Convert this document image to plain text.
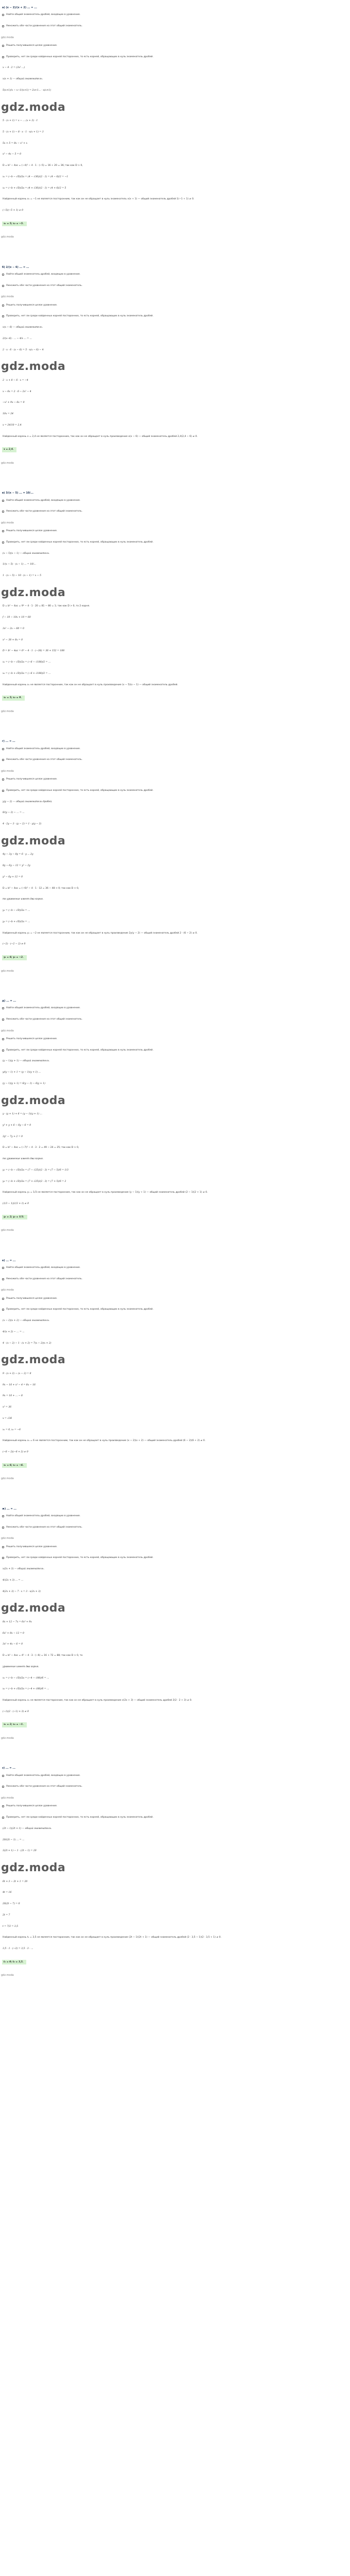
а) (x − 2)/(x + 2) ... = ...
Найти общий знаменатель дробей, входящих в уравнение.
Умножить обе части уравнения на этот общий знаменатель.
gdz.moda
Решить получившееся целое уравнение.
Проверить, нет ли среди найденных корней посторонних, то есть корней, обращающих в нуль знаменатель дробей.
x − 4 · 2 = (3x² ...)
x(x + 1) — общий знаменатель.
5(x+1)/x − x−1/(x+1) = 2x+1... · x(x+1)
gdz.moda
5 · (x + 1) = x − ... (x + 3) · 1
5 · (x + 1) − 8 · x · 1 · x(x + 1) = 3
5x + 5 = 8x − x² + x
x² − 4x − 5 = 0
D = b² − 4ac = (−4)² − 4 · 1 · (−5) = 16 + 20 = 36; так как D > 0,
x₁ = (−b − √D)/2a = (4 − √36)/(2 · 1) = (4 − 6)/2 = −1
x₂ = (−b + √D)/2a = (4 + √36)/(2 · 1) = (4 + 6)/2 = 5
Найденный корень x₁ = −1 не является посторонним, так как он не обращает в нуль знаменатель x(x + 1) — общий знаменатель дробей 1(−1 + 1) ≠ 0.
(−5)(−5 + 1) ≠ 0
x₁ = 5; x₂ = −5.
gdz.moda
б) 2/(x − 6) ... = ...
Найти общий знаменатель дробей, входящих в уравнение.
Умножить обе части уравнения на этот общий знаменатель.
gdz.moda
Решить получившееся целое уравнение.
Проверить, нет ли среди найденных корней посторонних, то есть корней, обращающих в нуль знаменатель дробей.
x(x − 6) — общий знаменатель.
2/(x−6) · ... − 4/x ... = ...
2 · x · 6 · (x − 6) = 5 · x(x − 6) − 4
gdz.moda
2 · x + 8 − 6 · x = −4
x − 6x = 2 · 6 − 2x² − 4
−x² + 9x − 6x = 0
10x = 24
x = 24/10 = 2,4
Найденный корень x = 2,4 не является посторонним, так как он не обращает в нуль произведение x(x − 6) — общий знаменатель дробей 2,4(2,4 − 6) ≠ 0.
x = 2,4.
gdz.moda
в) 3/(x − 5) ... = 10/...
Найти общий знаменатель дробей, входящих в уравнение.
Умножить обе части уравнения на этот общий знаменатель.
gdz.moda
Решить получившееся целое уравнение.
Проверить, нет ли среди найденных корней посторонних, то есть корней, обращающих в нуль знаменатель дробей.
(x − 5)(x − 1) — общий знаменатель.
1/(x − 5) · (x − 1) ... = 10/...
1 · (x − 5) − 10 · (x − 1) = x − 5
gdz.moda
D = b² − 4ac = 9² − 4 · 1 · 20 = 81 − 80 = 1; так как D > 0, то 2 корня.
f − 10 − 10x + 10 = 60
3x² − 2x − 60 = 0
x² − 38 + 6x = 0
D = b² − 4ac = 6² − 4 · 1 · (−38) = 36 + 152 = 188
x₁ = (−b − √D)/2a = (−6 − √188)/2 = ...
x₂ = (−b + √D)/2a = (−6 + √188)/2 = ...
Найденный корень x₁ не является посторонним, так как он не обращает в нуль произведение (x − 5)(x − 1) — общий знаменатель дробей.
x₁ = 5; x₂ = 9.
gdz.moda
г) ... = ...
Найти общий знаменатель дробей, входящих в уравнение.
Умножить обе части уравнения на этот общий знаменатель.
gdz.moda
Решить получившееся целое уравнение.
Проверить, нет ли среди найденных корней посторонних, то есть корней, обращающих в нуль знаменатель дробей.
y(y − 2) — общий знаменатель дробей.
8/(y − 2) − ... = ...
4 · 2y − 3 · (y − 2) = 1 · y(y − 2)
gdz.moda
4y − 3y − 8y = 6 · y ... 2y
8y − 6y − 12 = y² − 2y
y² − 6y + 12 = 0
D = b² − 4ac = (−6)² − 4 · 1 · 12 = 36 − 48 < 0; так как D < 0,
то уравнение имеет два корня.
y₁ = (−b − √D)/2a = ...
y₂ = (−b + √D)/2a = ...
Найденный корень y₁ = −2 не является посторонним, так как он не обращает в нуль произведение 2y(y − 2) — общий знаменатель дробей 2 · (6 − 2) ≠ 0.
(−2) · (−2 − 2) ≠ 0
y₁ = 6; y₂ = −2.
gdz.moda
д) ... = ...
Найти общий знаменатель дробей, входящих в уравнение.
Умножить обе части уравнения на этот общий знаменатель.
gdz.moda
Решить получившееся целое уравнение.
Проверить, нет ли среди найденных корней посторонних, то есть корней, обращающих в нуль знаменатель дробей.
(y − 1)(y + 1) — общий знаменатель.
y/(y − 1) + 1 = (y − 1)(y + 1) ...
(y − 1)(y + 1) = 6(y − 1) − 6(y + 1)
gdz.moda
y · (y + 1) + 6 = (y − 1)(y + 1) ...
y² + y + 6 − 6y − 6 = 0
3y² − 7y + 2 = 0
D = b² − 4ac = (−7)² − 4 · 3 · 2 = 49 − 24 = 25; так как D > 0,
то уравнение имеет два корня.
y₁ = (−b − √D)/2a = (7 − √25)/(2 · 3) = (7 − 5)/6 = 1/3
y₂ = (−b + √D)/2a = (7 + √25)/(2 · 3) = (7 + 5)/6 = 2
Найденный корень y₁ = 1/3 не является посторонним, так как он не обращает в нуль произведение (y − 1)(y + 1) — общий знаменатель дробей (2 − 1)(2 + 1) ≠ 0.
(1/3 − 1)(1/3 + 1) ≠ 0
y₁ = 2; y₂ = 1/3.
gdz.moda
е) ... = ...
Найти общий знаменатель дробей, входящих в уравнение.
Умножить обе части уравнения на этот общий знаменатель.
gdz.moda
Решить получившееся целое уравнение.
Проверить, нет ли среди найденных корней посторонних, то есть корней, обращающих в нуль знаменатель дробей.
(x − 2)(x + 2) — общий знаменатель.
4/(x + 2) − ... = ...
4 · (x − 2) − 1 · (x + 2) = 7(x − 2)(x + 2)
gdz.moda
9 · (x + 2) − (x − 2) = 8
9x − 16 + x² − 4 = 8x − 16
9x = 16 + ... − 8
x² = 36
x = √36
x₁ = 6, x₂ = −6
Найденный корень x₁ = 6 не является посторонним, так как он не обращает в нуль произведение (x − 2)(x + 2) — общий знаменатель дробей (6 − 2)(6 + 2) ≠ 0.
(−6 − 2)(−6 + 2) ≠ 0
x₁ = 6; x₂ = −6.
gdz.moda
ж) ... = ...
Найти общий знаменатель дробей, входящих в уравнение.
Умножить обе части уравнения на этот общий знаменатель.
gdz.moda
Решить получившееся целое уравнение.
Проверить, нет ли среди найденных корней посторонних, то есть корней, обращающих в нуль знаменатель дробей.
x(2x + 3) — общий знаменатель.
4/(2x + 3) ... = ...
4(2x + 3) − 7 · x = 3 · x(2x + 3)
gdz.moda
8x + 12 − 7x = 6x² + 9x
6x² + 8x − 12 = 0
3x² + 4x − 6 = 0
D = b² − 4ac = 4² − 4 · 3 · (−6) = 16 + 72 = 88; так как D > 0, то
уравнение имеет два корня.
x₁ = (−b − √D)/2a = (−4 − √88)/6 = ...
x₂ = (−b + √D)/2a = (−4 + √88)/6 = ...
Найденный корень x₁ не является посторонним, так как он не обращает в нуль произведение x(2x + 3) — общий знаменатель дробей 2(2 · 2 + 3) ≠ 0.
(−1)(2 · (−1) + 3) ≠ 0
x₁ = 2; x₂ = −1.
gdz.moda
з) ... = ...
Найти общий знаменатель дробей, входящих в уравнение.
Умножить обе части уравнения на этот общий знаменатель.
gdz.moda
Решить получившееся целое уравнение.
Проверить, нет ли среди найденных корней посторонних, то есть корней, обращающих в нуль знаменатель дробей.
(2t − 1)(2t + 1) — общий знаменатель.
20/(2t − 1) ... = ...
3(2t + 1) − 1 · (2t − 1) = 20
gdz.moda
6t + 3 − 2t + 1 = 20
4t = 16
20(2t − 7) = 0
2t = 7
t = 7/2 = 3,5
Найденный корень t₁ = 3,5 не является посторонним, так как он не обращает в нуль произведение (2t − 1)(2t + 1) — общий знаменатель дробей (2 · 3,5 − 1)(2 · 3,5 + 1) ≠ 0.
3,5 · 1 · (−2) = 3,5 · 3 · ...
t₁ = 0; t₂ = 3,5.
gdz.moda
